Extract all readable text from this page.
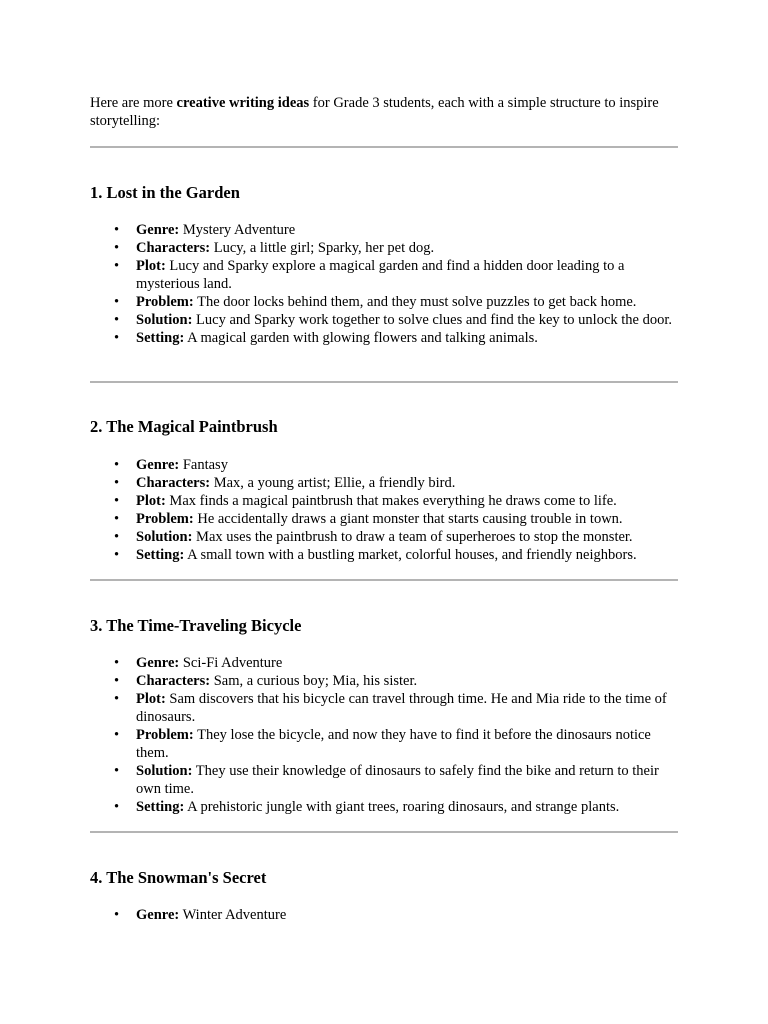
Here are more creative writing ideas for Grade 3 students, each with a simple structure to inspire storytelling:

1. Lost in the Garden
• Genre: Mystery Adventure
• Characters: Lucy, a little girl; Sparky, her pet dog.
• Plot: Lucy and Sparky explore a magical garden and find a hidden door leading to a mysterious land.
• Problem: The door locks behind them, and they must solve puzzles to get back home.
• Solution: Lucy and Sparky work together to solve clues and find the key to unlock the door.
• Setting: A magical garden with glowing flowers and talking animals.
2. The Magical Paintbrush
• Genre: Fantasy
• Characters: Max, a young artist; Ellie, a friendly bird.
• Plot: Max finds a magical paintbrush that makes everything he draws come to life.
• Problem: He accidentally draws a giant monster that starts causing trouble in town.
• Solution: Max uses the paintbrush to draw a team of superheroes to stop the monster.
• Setting: A small town with a bustling market, colorful houses, and friendly neighbors.
3. The Time-Traveling Bicycle
• Genre: Sci-Fi Adventure
• Characters: Sam, a curious boy; Mia, his sister.
• Plot: Sam discovers that his bicycle can travel through time. He and Mia ride to the time of dinosaurs.
• Problem: They lose the bicycle, and now they have to find it before the dinosaurs notice them.
• Solution: They use their knowledge of dinosaurs to safely find the bike and return to their own time.
• Setting: A prehistoric jungle with giant trees, roaring dinosaurs, and strange plants.
4. The Snowman's Secret
• Genre: Winter Adventure
